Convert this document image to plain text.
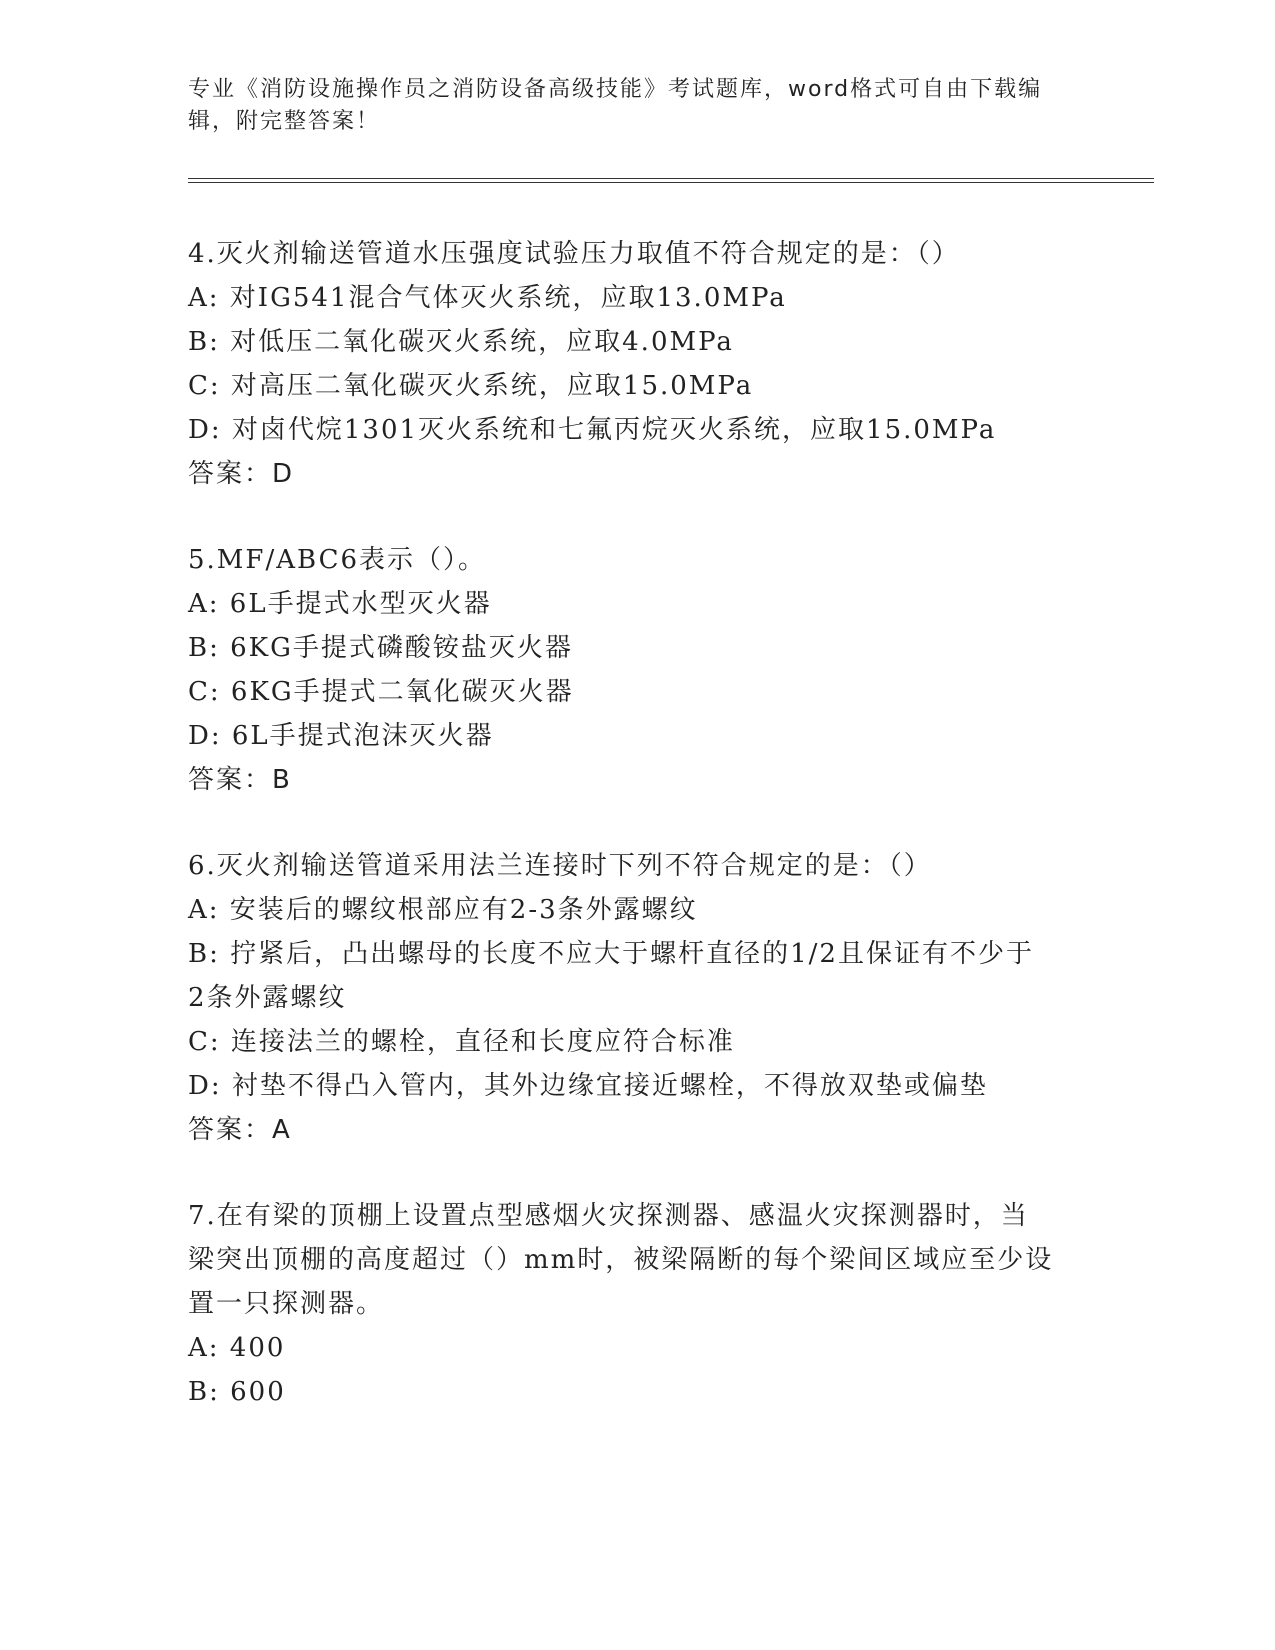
专业《消防设施操作员之消防设备高级技能》考试题库，word格式可自由下载编
辑，附完整答案！
4.灭火剂输送管道水压强度试验压力取值不符合规定的是：（）
A: 对IG541混合气体灭火系统，应取13.0MPa
B: 对低压二氧化碳灭火系统，应取4.0MPa
C: 对高压二氧化碳灭火系统，应取15.0MPa
D: 对卤代烷1301灭火系统和七氟丙烷灭火系统，应取15.0MPa
答案：D
5.MF/ABC6表示（）。
A: 6L手提式水型灭火器
B: 6KG手提式磷酸铵盐灭火器
C: 6KG手提式二氧化碳灭火器
D: 6L手提式泡沫灭火器
答案：B
6.灭火剂输送管道采用法兰连接时下列不符合规定的是：（）
A: 安装后的螺纹根部应有2-3条外露螺纹
B: 拧紧后，凸出螺母的长度不应大于螺杆直径的1/2且保证有不少于
2条外露螺纹
C: 连接法兰的螺栓，直径和长度应符合标准
D: 衬垫不得凸入管内，其外边缘宜接近螺栓，不得放双垫或偏垫
答案：A
7.在有梁的顶棚上设置点型感烟火灾探测器、感温火灾探测器时，当
梁突出顶棚的高度超过（）mm时，被梁隔断的每个梁间区域应至少设
置一只探测器。
A: 400
B: 600
